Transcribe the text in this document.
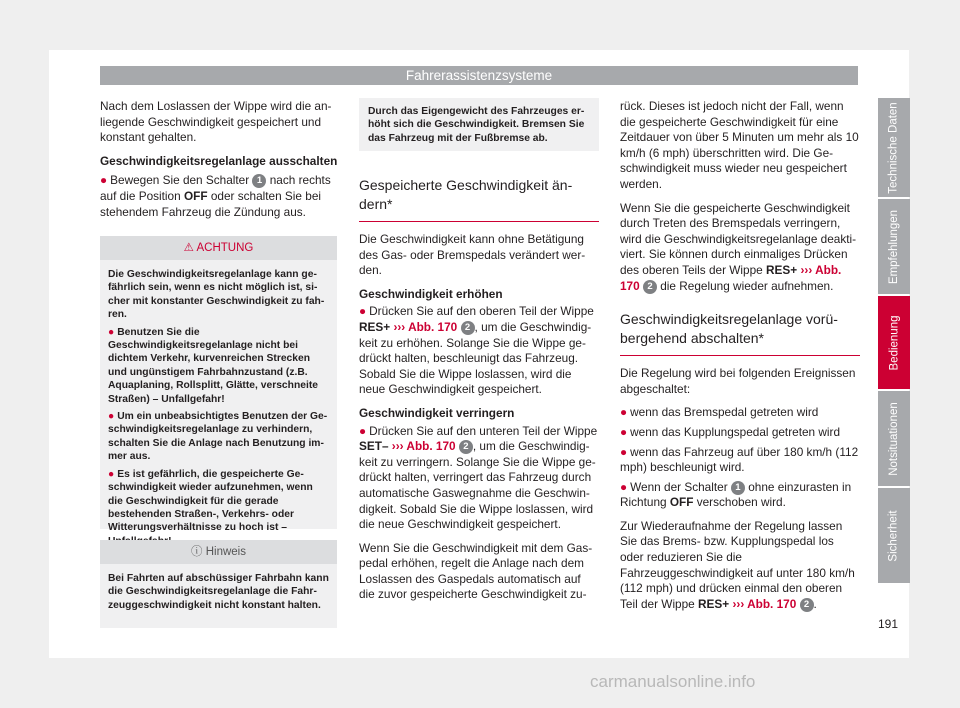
Fahrerassistenzsysteme

Nach dem Loslassen der Wippe wird die anliegende Geschwindigkeit gespeichert und konstant gehalten.

Geschwindigkeitsregelanlage ausschalten

● Bewegen Sie den Schalter 1 nach rechts auf die Position OFF oder schalten Sie bei stehendem Fahrzeug die Zündung aus.

⚠ ACHTUNG

Die Geschwindigkeitsregelanlage kann gefährlich sein, wenn es nicht möglich ist, sicher mit konstanter Geschwindigkeit zu fahren.

● Benutzen Sie die Geschwindigkeitsregelanlage nicht bei dichtem Verkehr, kurvenreichen Strecken und ungünstigem Fahrbahnzustand (z.B. Aquaplaning, Rollsplitt, Glätte, verschneite Straßen) – Unfallgefahr!

● Um ein unbeabsichtigtes Benutzen der Geschwindigkeitsregelanlage zu verhindern, schalten Sie die Anlage nach Benutzung immer aus.

● Es ist gefährlich, die gespeicherte Geschwindigkeit wieder aufzunehmen, wenn die Geschwindigkeit für die gerade bestehenden Straßen-, Verkehrs- oder Witterungsverhältnisse zu hoch ist –

ⓘ Hinweis

Bei Fahrten auf abschüssiger Fahrbahn kann die Geschwindigkeitsregelanlage die Fahrzeuggeschwindigkeit nicht konstant halten.

Durch das Eigengewicht des Fahrzeuges erhöht sich die Geschwindigkeit. Bremsen Sie das Fahrzeug mit der Fußbremse ab.
Gespeicherte Geschwindigkeit ändern*

Die Geschwindigkeit kann ohne Betätigung des Gas- oder Bremspedals verändert werden.

Geschwindigkeit erhöhen

● Drücken Sie auf den oberen Teil der Wippe RES+ ››› Abb. 170 2 , um die Geschwindigkeit zu erhöhen. Solange Sie die Wippe gedrückt halten, beschleunigt das Fahrzeug. Sobald Sie die Wippe loslassen, wird die neue Geschwindigkeit gespeichert.

Geschwindigkeit verringern

● Drücken Sie auf den unteren Teil der Wippe SET– ››› Abb. 170 2 , um die Geschwindigkeit zu verringern. Solange Sie die Wippe gedrückt halten, verringert das Fahrzeug durch automatische Gaswegnahme die Geschwindigkeit. Sobald Sie die Wippe loslassen, wird die neue Geschwindigkeit gespeichert.

Wenn Sie die Geschwindigkeit mit dem Gaspedal erhöhen, regelt die Anlage nach dem Loslassen des Gaspedals automatisch auf die zuvor gespeicherte Geschwindigkeit zu-

rück. Dieses ist jedoch nicht der Fall, wenn die gespeicherte Geschwindigkeit für eine Zeitdauer von über 5 Minuten um mehr als 10 km/h (6 mph) überschritten wird. Die Geschwindigkeit muss wieder neu gespeichert werden.

Wenn Sie die gespeicherte Geschwindigkeit durch Treten des Bremspedals verringern, wird die Geschwindigkeitsregelanlage deaktiviert. Sie können durch einmaliges Drücken des oberen Teils der Wippe RES+ ››› Abb. 170 2 die Regelung wieder aufnehmen.

Geschwindigkeitsregelanlage vorübergehend abschalten*

Die Regelung wird bei folgenden Ereignissen abgeschaltet:

● wenn das Bremspedal getreten wird

● wenn das Kupplungspedal getreten wird

● wenn das Fahrzeug auf über 180 km/h (112 mph) beschleunigt wird.

● Wenn der Schalter 1 ohne einzurasten in Richtung OFF verschoben wird.

Zur Wiederaufnahme der Regelung lassen Sie das Brems- bzw. Kupplungspedal los oder reduzieren Sie die Fahrzeuggeschwindigkeit auf unter 180 km/h (112 mph) und drücken einmal den oberen Teil der Wippe RES+ ››› Abb. 170 2 .

Technische Daten
Empfehlungen
Bedienung
Notsituationen
Sicherheit
191
carmanualsonline.info
